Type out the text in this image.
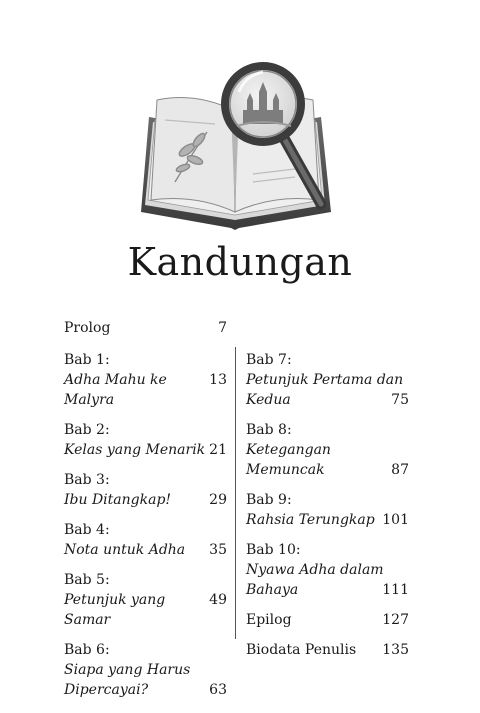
Kandungan
Prolog	7
Bab 1:
Adha Mahu ke Malyra
13
Bab 2:
Kelas yang Menarik 21
Bab 3:
Ibu Ditangkap!	29
Bab 4:
Nota untuk Adha 35
Bab 5:
Petunjuk yang Samar
49
Bab 6:
Siapa yang Harus
Dipercayai?	63
Bab 7:
Petunjuk Pertama dan
Kedua	75
Bab 8:
Ketegangan
Memuncak	87
Bab 9:
Rahsia Terungkap 101
Bab 10:
Nyawa Adha dalam
Bahaya	111
Epilog	127
Biodata Penulis 135
